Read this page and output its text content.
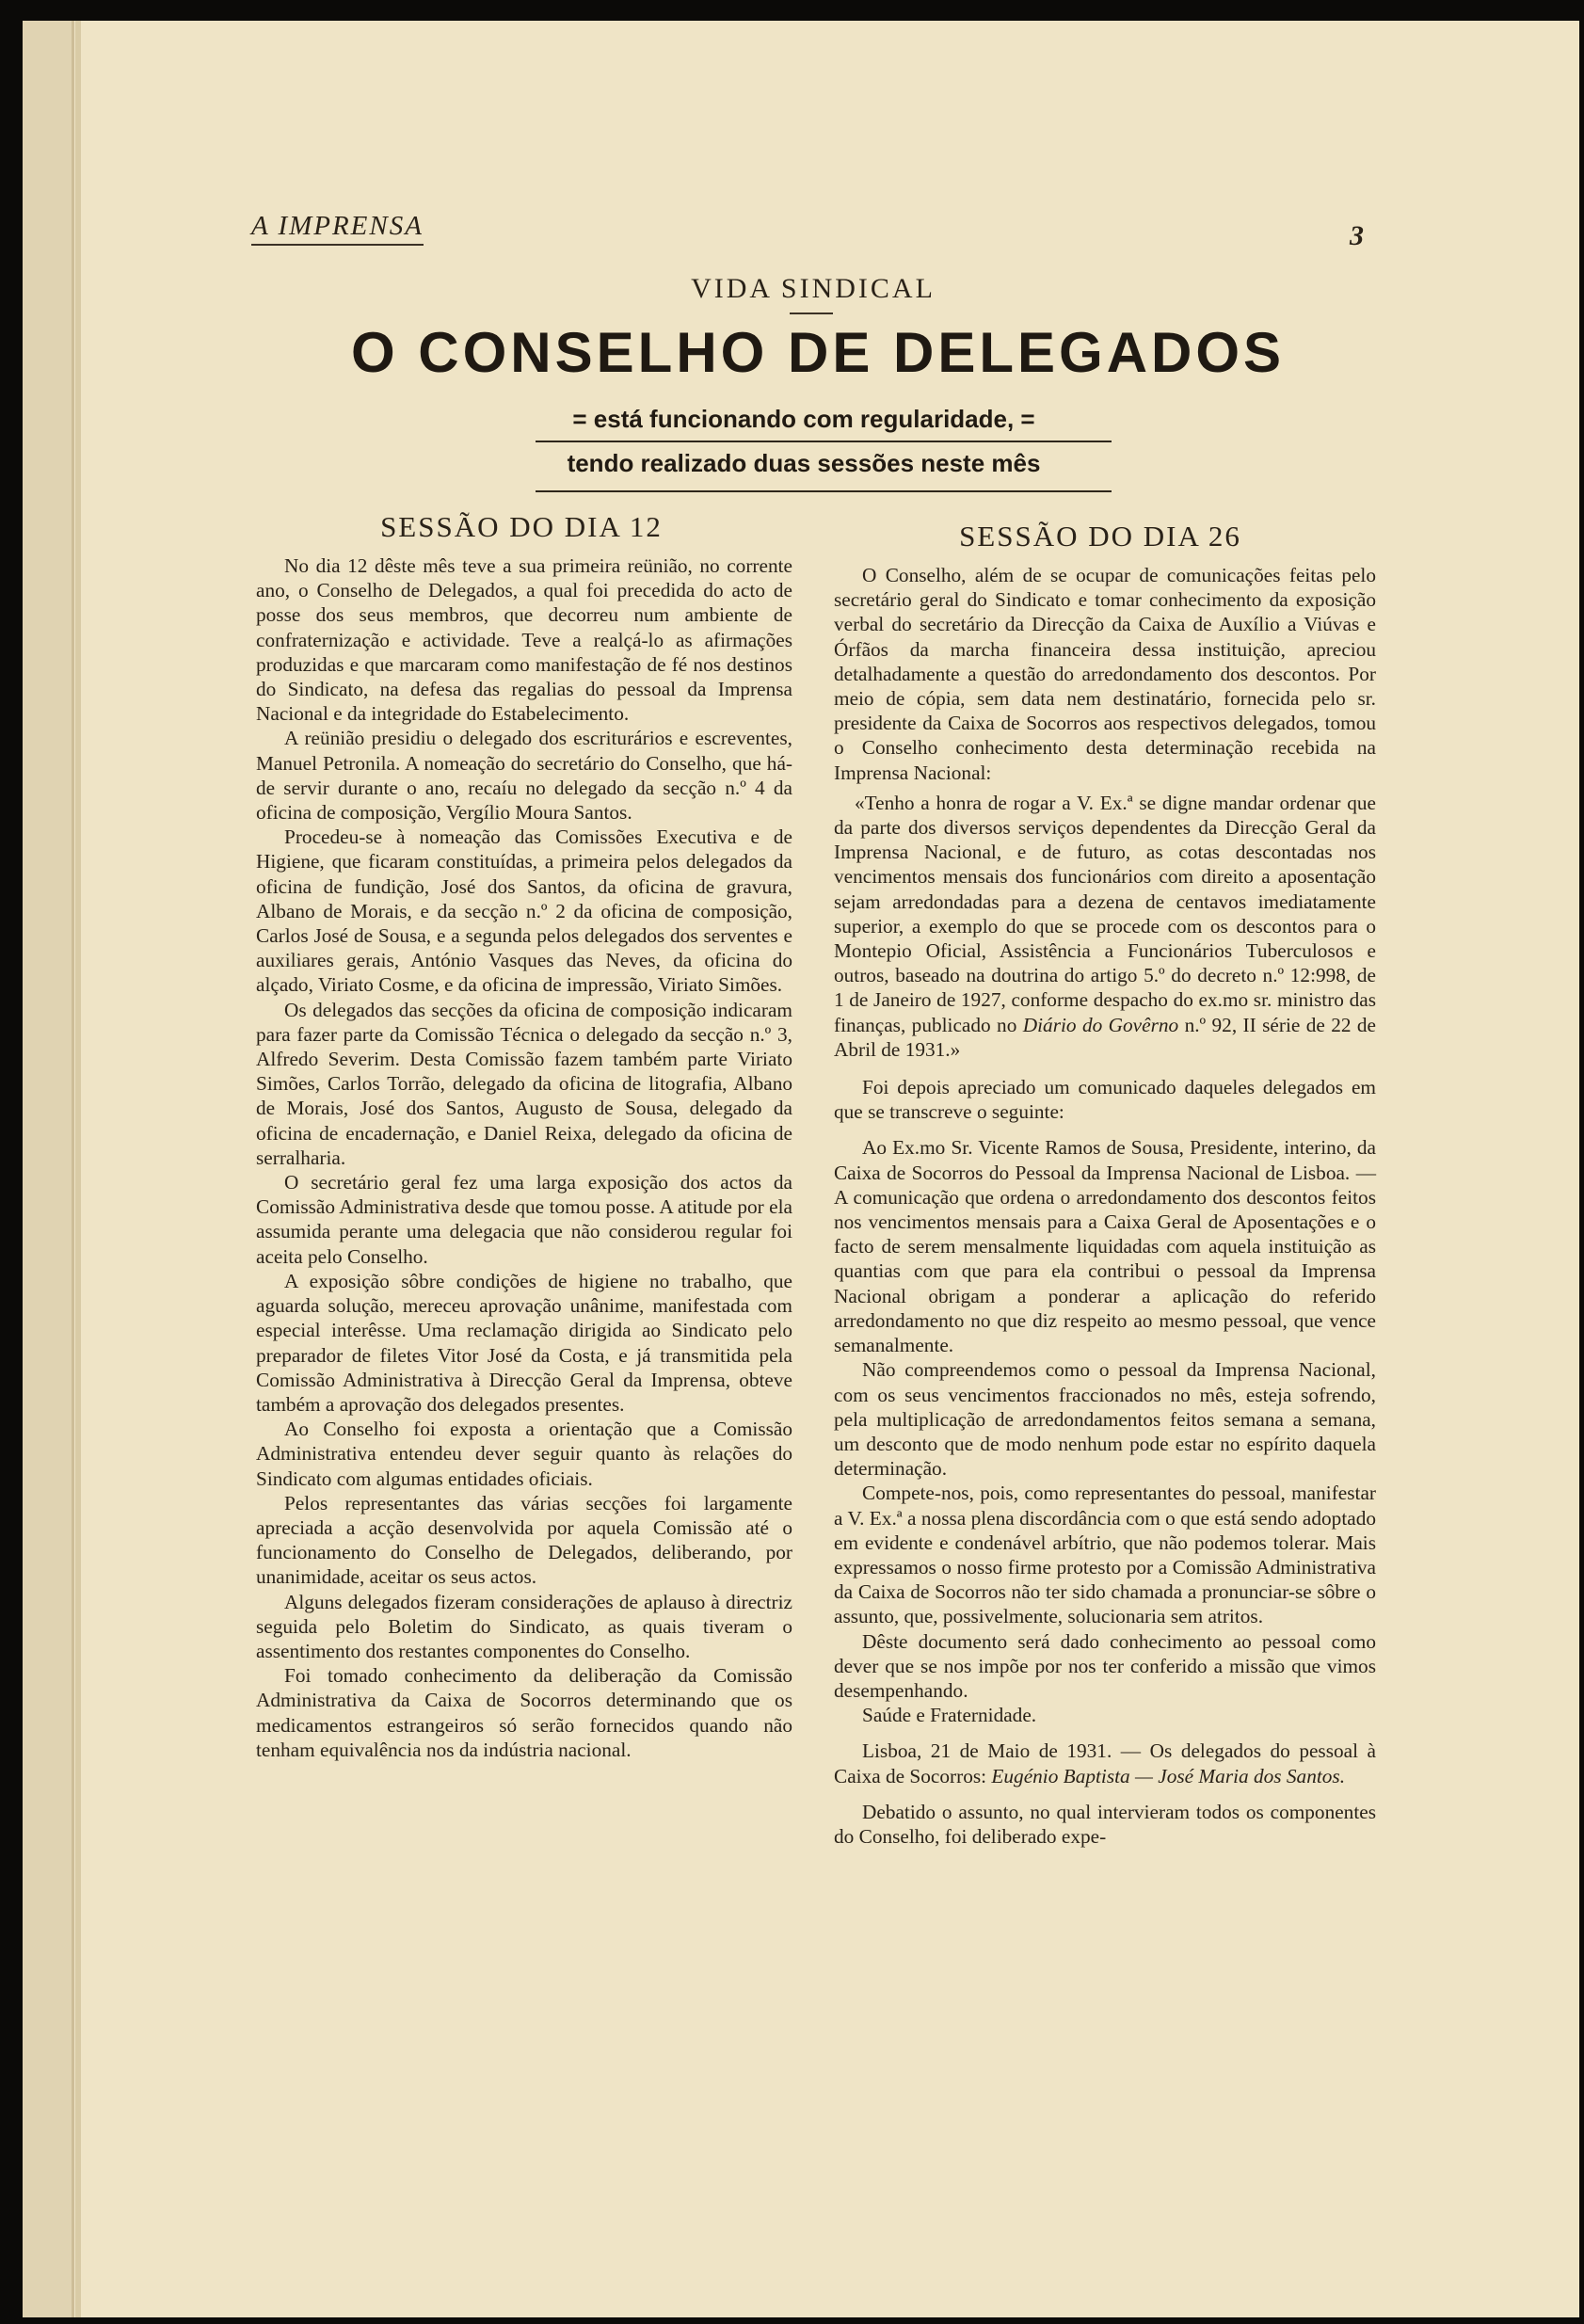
A IMPRENSA	3
VIDA SINDICAL
O CONSELHO DE DELEGADOS
= está funcionando com regularidade, =
tendo realizado duas sessões neste mês
SESSÃO DO DIA 12	SESSÃO DO DIA 26

No dia 12 dêste mês teve a sua primeira reünião, no corrente ano, o Conselho de Delegados, a qual foi precedida do acto de posse dos seus membros, que decorreu num ambiente de confraternização e actividade. Teve a realçá-lo as afirmações produzidas e que marcaram como manifestação de fé nos destinos do Sindicato, na defesa das regalias do pessoal da Imprensa Nacional e da integridade do Estabelecimento.

A reünião presidiu o delegado dos escriturários e escreventes, Manuel Petronila. A nomeação do secretário do Conselho, que há-de servir durante o ano, recaíu no delegado da secção n.º 4 da oficina de composição, Vergílio Moura Santos.

Procedeu-se à nomeação das Comissões Executiva e de Higiene, que ficaram constituídas, a primeira pelos delegados da oficina de fundição, José dos Santos, da oficina de gravura, Albano de Morais, e da secção n.º 2 da oficina de composição, Carlos José de Sousa, e a segunda pelos delegados dos serventes e auxiliares gerais, António Vasques das Neves, da oficina do alçado, Viriato Cosme, e da oficina de impressão, Viriato Simões.

Os delegados das secções da oficina de composição indicaram para fazer parte da Comissão Técnica o delegado da secção n.º 3, Alfredo Severim. Desta Comissão fazem também parte Viriato Simões, Carlos Torrão, delegado da oficina de litografia, Albano de Morais, José dos Santos, Augusto de Sousa, delegado da oficina de encadernação, e Daniel Reixa, delegado da oficina de serralharia.

O secretário geral fez uma larga exposição dos actos da Comissão Administrativa desde que tomou posse. A atitude por ela assumida perante uma delegacia que não considerou regular foi aceita pelo Conselho.

A exposição sôbre condições de higiene no trabalho, que aguarda solução, mereceu aprovação unânime, manifestada com especial interêsse. Uma reclamação dirigida ao Sindicato pelo preparador de filetes Vitor José da Costa, e já transmitida pela Comissão Administrativa à Direcção Geral da Imprensa, obteve também a aprovação dos delegados presentes.

Ao Conselho foi exposta a orientação que a Comissão Administrativa entendeu dever seguir quanto às relações do Sindicato com algumas entidades oficiais.

Pelos representantes das várias secções foi largamente apreciada a acção desenvolvida por aquela Comissão até o funcionamento do Conselho de Delegados, deliberando, por unanimidade, aceitar os seus actos.

Alguns delegados fizeram considerações de aplauso à directriz seguida pelo Boletim do Sindicato, as quais tiveram o assentimento dos restantes componentes do Conselho.

Foi tomado conhecimento da deliberação da Comissão Administrativa da Caixa de Socorros determinando que os medicamentos estrangeiros só serão fornecidos quando não tenham equivalência nos da indústria nacional.

O Conselho, além de se ocupar de comunicações feitas pelo secretário geral do Sindicato e tomar conhecimento da exposição verbal do secretário da Direcção da Caixa de Auxílio a Viúvas e Órfãos da marcha financeira dessa instituição, apreciou detalhadamente a questão do arredondamento dos descontos. Por meio de cópia, sem data nem destinatário, fornecida pelo sr. presidente da Caixa de Socorros aos respectivos delegados, tomou o Conselho conhecimento desta determinação recebida na Imprensa Nacional:

«Tenho a honra de rogar a V. Ex.ª se digne mandar ordenar que da parte dos diversos serviços dependentes da Direcção Geral da Imprensa Nacional, e de futuro, as cotas descontadas nos vencimentos mensais dos funcionários com direito a aposentação sejam arredondadas para a dezena de centavos imediatamente superior, a exemplo do que se procede com os descontos para o Montepio Oficial, Assistência a Funcionários Tuberculosos e outros, baseado na doutrina do artigo 5.º do decreto n.º 12:998, de 1 de Janeiro de 1927, conforme despacho do ex.mo sr. ministro das finanças, publicado no Diário do Govêrno n.º 92, II série de 22 de Abril de 1931.»

Foi depois apreciado um comunicado daqueles delegados em que se transcreve o seguinte:

Ao Ex.mo Sr. Vicente Ramos de Sousa, Presidente, interino, da Caixa de Socorros do Pessoal da Imprensa Nacional de Lisboa. — A comunicação que ordena o arredondamento dos descontos feitos nos vencimentos mensais para a Caixa Geral de Aposentações e o facto de serem mensalmente liquidadas com aquela instituição as quantias com que para ela contribui o pessoal da Imprensa Nacional obrigam a ponderar a aplicação do referido arredondamento no que diz respeito ao mesmo pessoal, que vence semanalmente.

Não compreendemos como o pessoal da Imprensa Nacional, com os seus vencimentos fraccionados no mês, esteja sofrendo, pela multiplicação de arredondamentos feitos semana a semana, um desconto que de modo nenhum pode estar no espírito daquela determinação.

Compete-nos, pois, como representantes do pessoal, manifestar a V. Ex.ª a nossa plena discordância com o que está sendo adoptado em evidente e condenável arbítrio, que não podemos tolerar. Mais expressamos o nosso firme protesto por a Comissão Administrativa da Caixa de Socorros não ter sido chamada a pronunciar-se sôbre o assunto, que, possivelmente, solucionaria sem atritos.

Dêste documento será dado conhecimento ao pessoal como dever que se nos impõe por nos ter conferido a missão que vimos desempenhando.

Saúde e Fraternidade.

Lisboa, 21 de Maio de 1931. — Os delegados do pessoal à Caixa de Socorros: Eugénio Baptista — José Maria dos Santos.

Debatido o assunto, no qual intervieram todos os componentes do Conselho, foi deliberado expe-
